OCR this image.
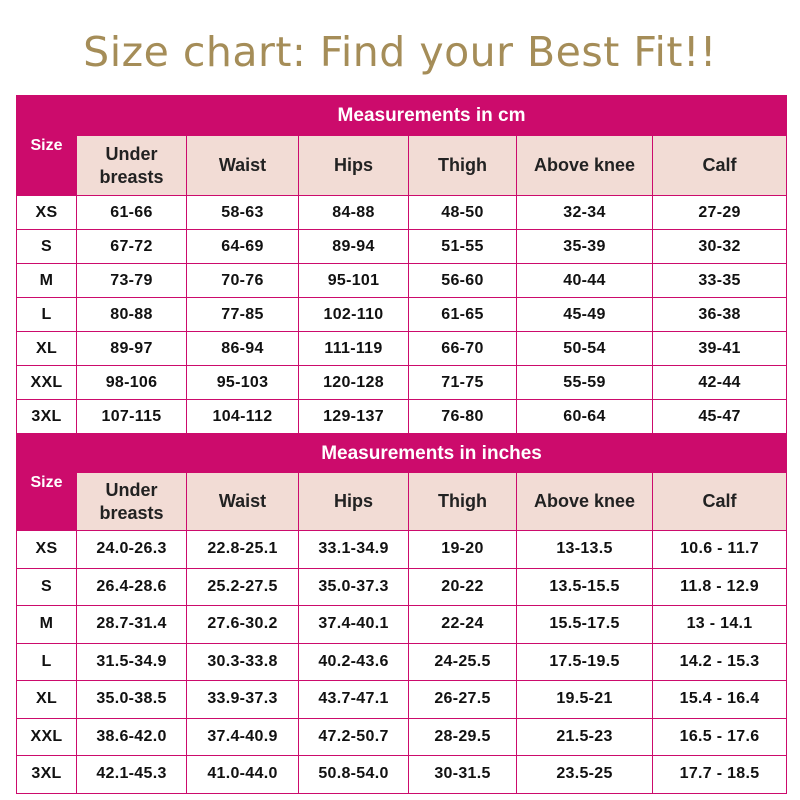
Size chart: Find your Best Fit!!
Size	Measurements in cm					
	Under breasts	Waist	Hips	Thigh	Above knee	Calf
XS	61-66	58-63	84-88	48-50	32-34	27-29
S	67-72	64-69	89-94	51-55	35-39	30-32
M	73-79	70-76	95-101	56-60	40-44	33-35
L	80-88	77-85	102-110	61-65	45-49	36-38
XL	89-97	86-94	111-119	66-70	50-54	39-41
XXL	98-106	95-103	120-128	71-75	55-59	42-44
3XL	107-115	104-112	129-137	76-80	60-64	45-47
Size	Measurements in inches					
	Under breasts	Waist	Hips	Thigh	Above knee	Calf
XS	24.0-26.3	22.8-25.1	33.1-34.9	19-20	13-13.5	10.6 - 11.7
S	26.4-28.6	25.2-27.5	35.0-37.3	20-22	13.5-15.5	11.8 - 12.9
M	28.7-31.4	27.6-30.2	37.4-40.1	22-24	15.5-17.5	13 - 14.1
L	31.5-34.9	30.3-33.8	40.2-43.6	24-25.5	17.5-19.5	14.2 - 15.3
XL	35.0-38.5	33.9-37.3	43.7-47.1	26-27.5	19.5-21	15.4 - 16.4
XXL	38.6-42.0	37.4-40.9	47.2-50.7	28-29.5	21.5-23	16.5 - 17.6
3XL	42.1-45.3	41.0-44.0	50.8-54.0	30-31.5	23.5-25	17.7 - 18.5
